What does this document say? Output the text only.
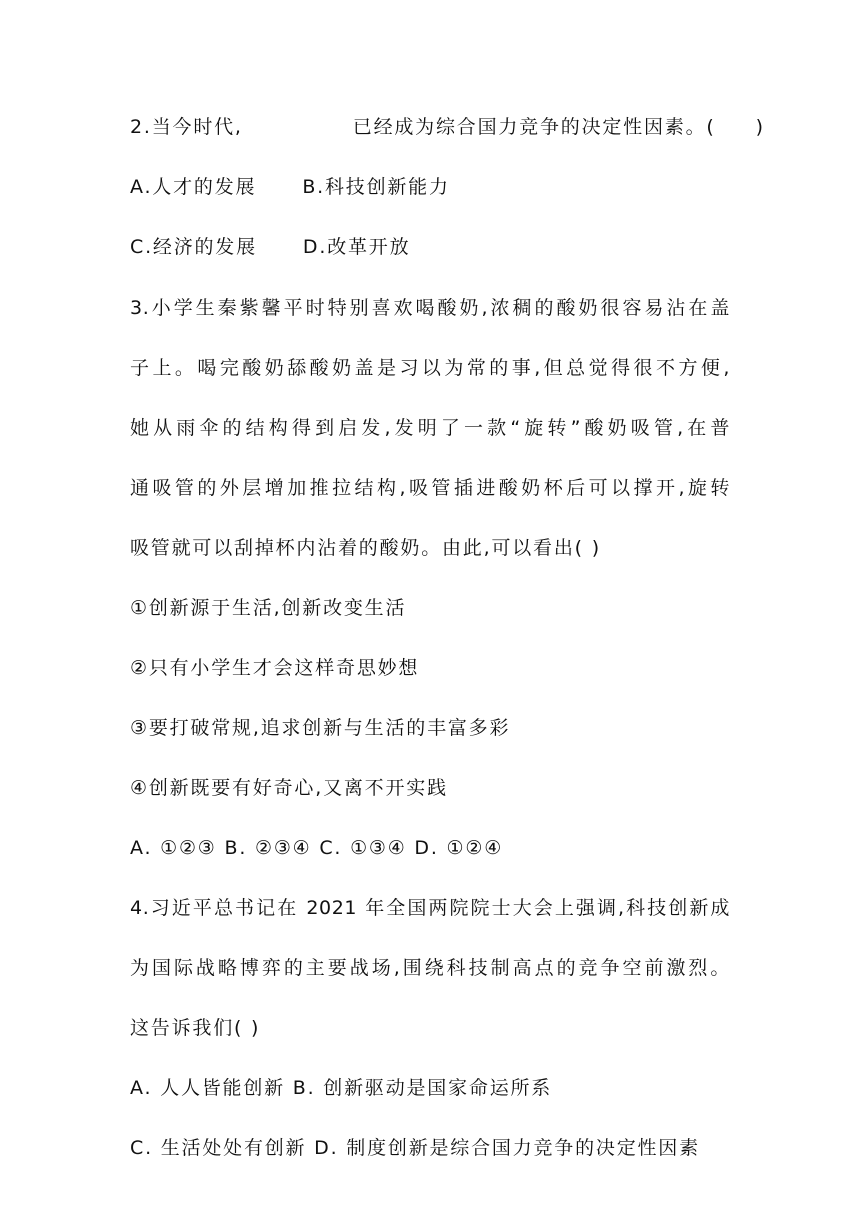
2.当今时代,	已经成为综合国力竞争的决定性因素。( )
A.人才的发展 B.科技创新能力
C.经济的发展 D.改革开放
3.小学生秦紫馨平时特别喜欢喝酸奶,浓稠的酸奶很容易沾在盖
子上。喝完酸奶舔酸奶盖是习以为常的事,但总觉得很不方便,
她从雨伞的结构得到启发,发明了一款“旋转”酸奶吸管,在普
通吸管的外层增加推拉结构,吸管插进酸奶杯后可以撑开,旋转
吸管就可以刮掉杯内沾着的酸奶。由此,可以看出( )
①创新源于生活,创新改变生活
②只有小学生才会这样奇思妙想
③要打破常规,追求创新与生活的丰富多彩
④创新既要有好奇心,又离不开实践
A. ①②③ B. ②③④ C. ①③④ D. ①②④
4.习近平总书记在 2021 年全国两院院士大会上强调,科技创新成
为国际战略博弈的主要战场,围绕科技制高点的竞争空前激烈。
这告诉我们( )
A. 人人皆能创新 B. 创新驱动是国家命运所系
C. 生活处处有创新 D. 制度创新是综合国力竞争的决定性因素
